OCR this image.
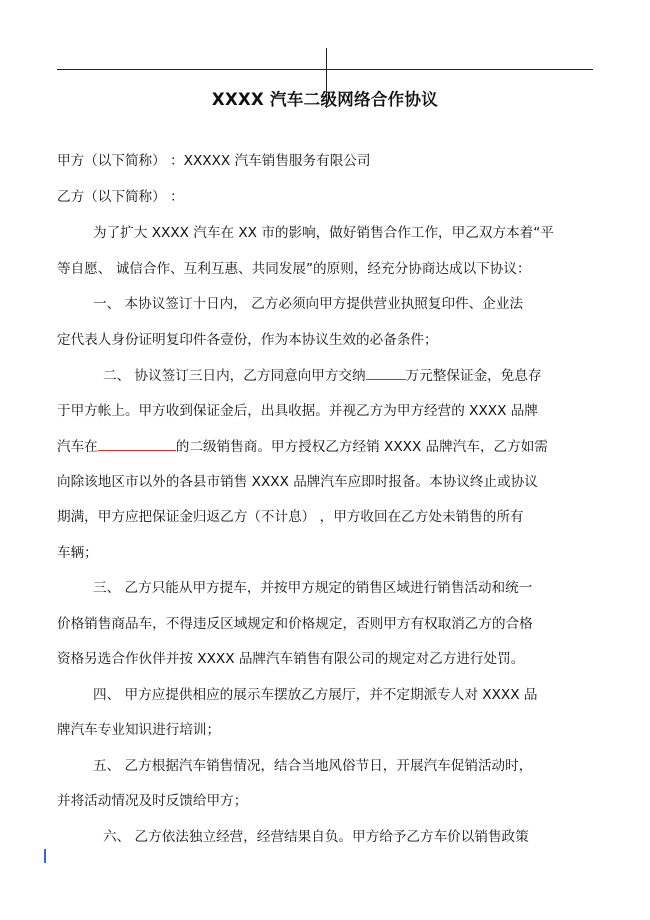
XXXX 汽车二级网络合作协议
甲方（以下简称） ：XXXXX 汽车销售服务有限公司
乙方（以下简称） ：
为了扩大 XXXX 汽车在 XX 市的影响，做好销售合作工作，甲乙双方本着“平
等自愿、 诚信合作、互利互惠、共同发展”的原则，经充分协商达成以下协议：
一、 本协议签订十日内， 乙方必须向甲方提供营业执照复印件、企业法
定代表人身份证明复印件各壹份，作为本协议生效的必备条件；
二、 协议签订三日内，乙方同意向甲方交纳	万元整保证金，免息存
于甲方帐上。甲方收到保证金后，出具收据。并视乙方为甲方经营的 XXXX 品牌
汽车在	的二级销售商。甲方授权乙方经销 XXXX 品牌汽车，乙方如需
向除该地区市以外的各县市销售 XXXX 品牌汽车应即时报备。本协议终止或协议
期满，甲方应把保证金归返乙方（不计息） ，甲方收回在乙方处未销售的所有
车辆；
三、 乙方只能从甲方提车，并按甲方规定的销售区域进行销售活动和统一
价格销售商品车，不得违反区域规定和价格规定，否则甲方有权取消乙方的合格
资格另选合作伙伴并按 XXXX 品牌汽车销售有限公司的规定对乙方进行处罚。
四、 甲方应提供相应的展示车摆放乙方展厅，并不定期派专人对 XXXX 品
牌汽车专业知识进行培训；
五、 乙方根据汽车销售情况，结合当地风俗节日，开展汽车促销活动时，
并将活动情况及时反馈给甲方；
六、 乙方依法独立经营，经营结果自负。甲方给予乙方车价以销售政策
